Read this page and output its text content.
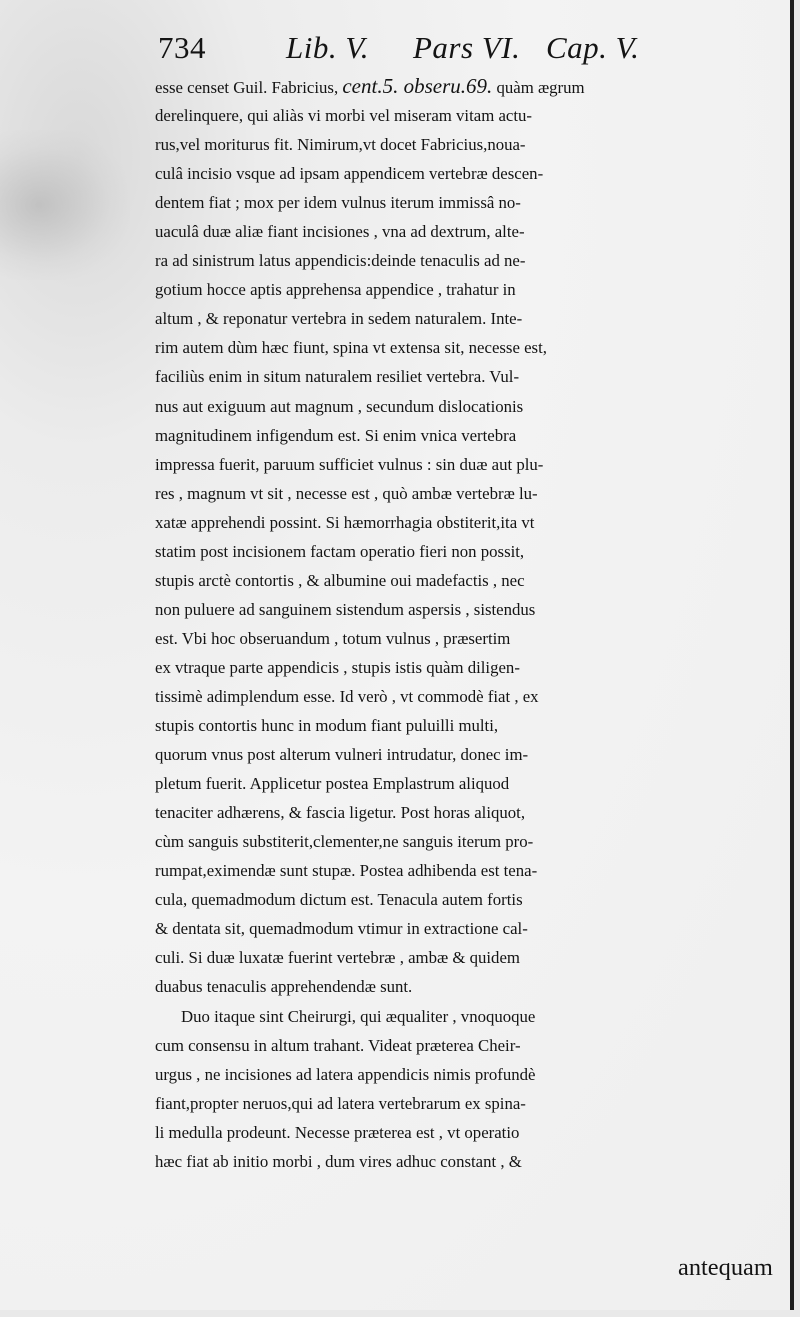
734	Lib. V. Pars VI. Cap. V.
esse censet Guil. Fabricius, cent.5. obseru.69. quàm ægrum
derelinquere, qui aliàs vi morbi vel miseram vitam actu-
rus,vel moriturus fit. Nimirum,vt docet Fabricius,noua-
culâ incisio vsque ad ipsam appendicem vertebræ descen-
dentem fiat ; mox per idem vulnus iterum immissâ no-
uaculâ duæ aliæ fiant incisiones , vna ad dextrum, alte-
ra ad sinistrum latus appendicis:deinde tenaculis ad ne-
gotium hocce aptis apprehensa appendice , trahatur in
altum , & reponatur vertebra in sedem naturalem. Inte-
rim autem dùm hæc fiunt, spina vt extensa sit, necesse est,
faciliùs enim in situm naturalem resiliet vertebra. Vul-
nus aut exiguum aut magnum , secundum dislocationis
magnitudinem infigendum est. Si enim vnica vertebra
impressa fuerit, paruum sufficiet vulnus : sin duæ aut plu-
res , magnum vt sit , necesse est , quò ambæ vertebræ lu-
xatæ apprehendi possint. Si hæmorrhagia obstiterit,ita vt
statim post incisionem factam operatio fieri non possit,
stupis arctè contortis , & albumine oui madefactis , nec
non puluere ad sanguinem sistendum aspersis , sistendus
est. Vbi hoc obseruandum , totum vulnus , præsertim
ex vtraque parte appendicis , stupis istis quàm diligen-
tissimè adimplendum esse. Id verò , vt commodè fiat , ex
stupis contortis hunc in modum fiant puluilli multi,
quorum vnus post alterum vulneri intrudatur, donec im-
pletum fuerit. Applicetur postea Emplastrum aliquod
tenaciter adhærens, & fascia ligetur. Post horas aliquot,
cùm sanguis substiterit,clementer,ne sanguis iterum pro-
rumpat,eximendæ sunt stupæ. Postea adhibenda est tena-
cula, quemadmodum dictum est. Tenacula autem fortis
& dentata sit, quemadmodum vtimur in extractione cal-
culi. Si duæ luxatæ fuerint vertebræ , ambæ & quidem
duabus tenaculis apprehendendæ sunt.
Duo itaque sint Cheirurgi, qui æqualiter , vnoquoque
cum consensu in altum trahant. Videat præterea Cheir-
urgus , ne incisiones ad latera appendicis nimis profundè
fiant,propter neruos,qui ad latera vertebrarum ex spina-
li medulla prodeunt. Necesse præterea est , vt operatio
hæc fiat ab initio morbi , dum vires adhuc constant , &
antequam
